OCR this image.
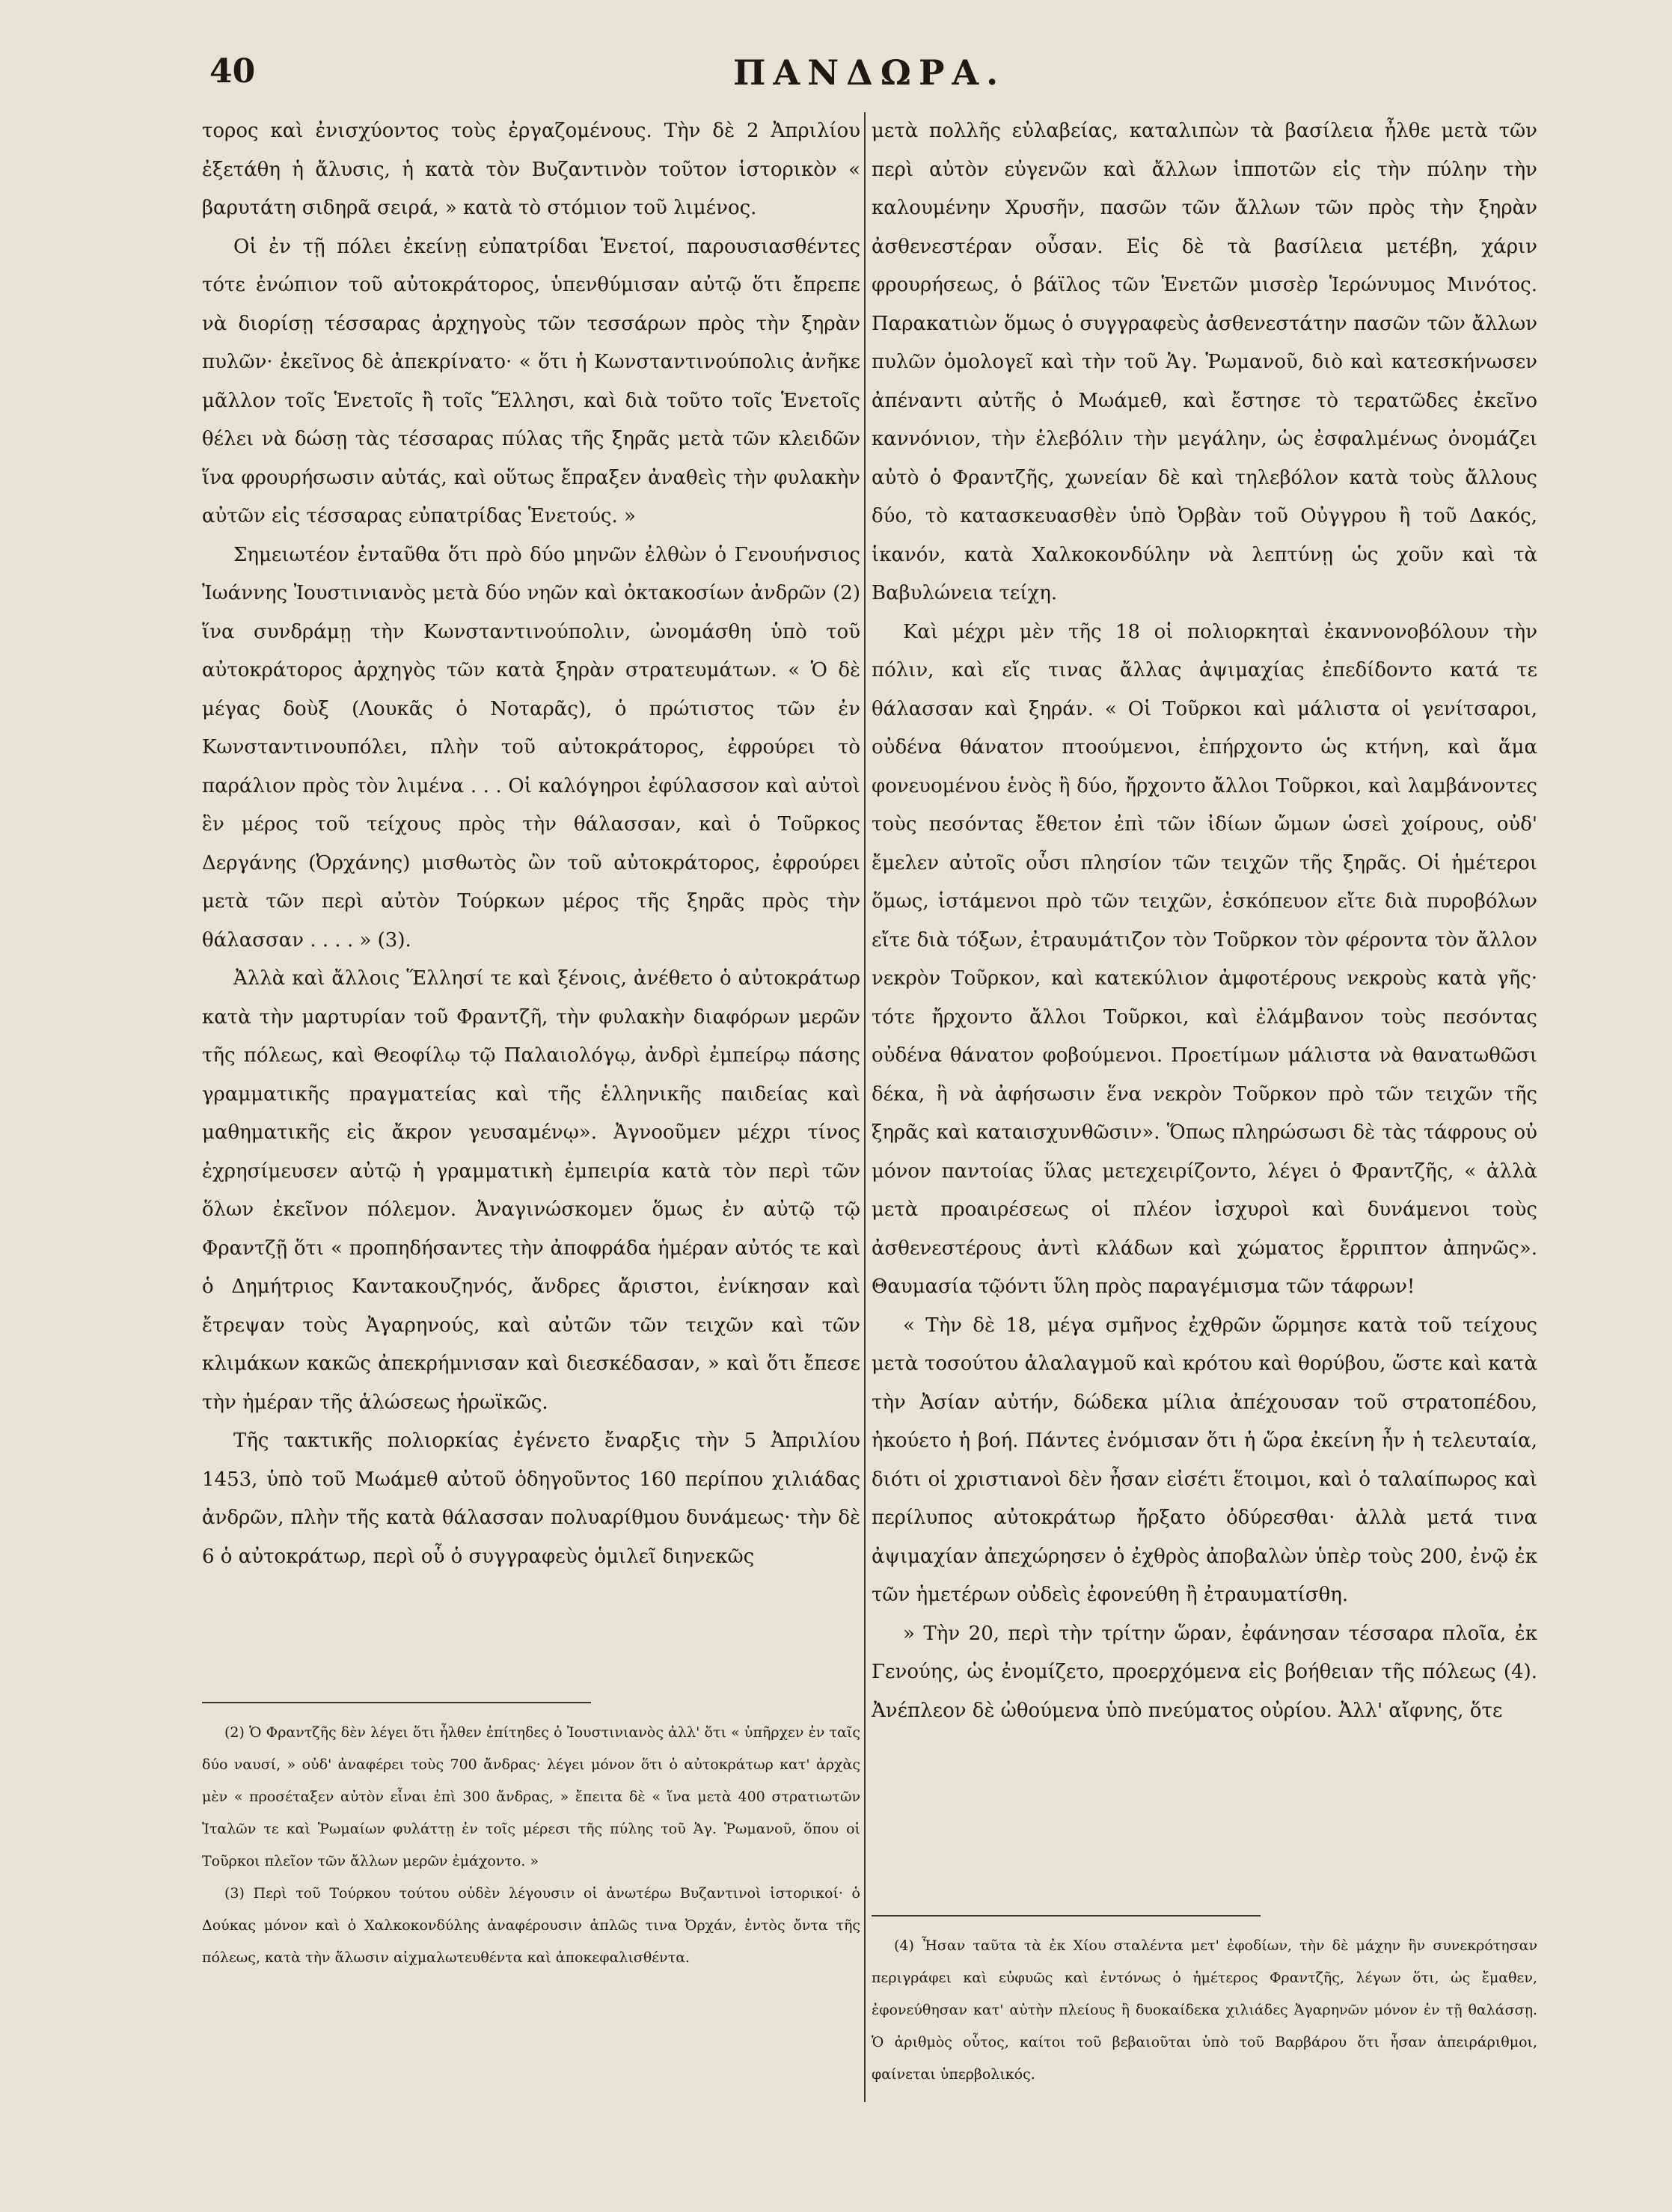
40	ΠΑΝΔΩΡΑ.

τορος καὶ ἐνισχύοντος τοὺς ἐργαζομένους. Τὴν δὲ 2 Ἀπριλίου ἐξετάθη ἡ ἄλυσις, ἡ κατὰ τὸν Βυζαντινὸν τοῦτον ἱστορικὸν « βαρυτάτη σιδηρᾶ σειρά, » κατὰ τὸ στόμιον τοῦ λιμένος.

Οἱ ἐν τῇ πόλει ἐκείνῃ εὐπατρίδαι Ἑνετοί, παρουσιασθέντες τότε ἐνώπιον τοῦ αὐτοκράτορος, ὑπενθύμισαν αὐτῷ ὅτι ἔπρεπε νὰ διορίσῃ τέσσαρας ἀρχηγοὺς τῶν τεσσάρων πρὸς τὴν ξηρὰν πυλῶν· ἐκεῖνος δὲ ἀπεκρίνατο· « ὅτι ἡ Κωνσταντινούπολις ἀνῆκε μᾶλλον τοῖς Ἑνετοῖς ἢ τοῖς Ἕλλησι, καὶ διὰ τοῦτο τοῖς Ἑνετοῖς θέλει νὰ δώσῃ τὰς τέσσαρας πύλας τῆς ξηρᾶς μετὰ τῶν κλειδῶν ἵνα φρουρήσωσιν αὐτάς, καὶ οὕτως ἔπραξεν ἀναθεὶς τὴν φυλακὴν αὐτῶν εἰς τέσσαρας εὐπατρίδας Ἑνετούς. »

Σημειωτέον ἐνταῦθα ὅτι πρὸ δύο μηνῶν ἐλθὼν ὁ Γενουήνσιος Ἰωάννης Ἰουστινιανὸς μετὰ δύο νηῶν καὶ ὀκτακοσίων ἀνδρῶν (2) ἵνα συνδράμῃ τὴν Κωνσταντινούπολιν, ὠνομάσθη ὑπὸ τοῦ αὐτοκράτορος ἀρχηγὸς τῶν κατὰ ξηρὰν στρατευμάτων. « Ὁ δὲ μέγας δοὺξ (Λουκᾶς ὁ Νοταρᾶς), ὁ πρώτιστος τῶν ἐν Κωνσταντινουπόλει, πλὴν τοῦ αὐτοκράτορος, ἐφρούρει τὸ παράλιον πρὸς τὸν λιμένα . . . Οἱ καλόγηροι ἐφύλασσον καὶ αὐτοὶ ἓν μέρος τοῦ τείχους πρὸς τὴν θάλασσαν, καὶ ὁ Τοῦρκος Δεργάνης (Ὀρχάνης) μισθωτὸς ὢν τοῦ αὐτοκράτορος, ἐφρούρει μετὰ τῶν περὶ αὐτὸν Τούρκων μέρος τῆς ξηρᾶς πρὸς τὴν θάλασσαν . . . . » (3).

Ἀλλὰ καὶ ἄλλοις Ἕλλησί τε καὶ ξένοις, ἀνέθετο ὁ αὐτοκράτωρ κατὰ τὴν μαρτυρίαν τοῦ Φραντζῆ, τὴν φυλακὴν διαφόρων μερῶν τῆς πόλεως, καὶ Θεοφίλῳ τῷ Παλαιολόγῳ, ἀνδρὶ ἐμπείρῳ πάσης γραμματικῆς πραγματείας καὶ τῆς ἑλληνικῆς παιδείας καὶ μαθηματικῆς εἰς ἄκρον γευσαμένῳ». Ἀγνοοῦμεν μέχρι τίνος ἐχρησίμευσεν αὐτῷ ἡ γραμματικὴ ἐμπειρία κατὰ τὸν περὶ τῶν ὅλων ἐκεῖνον πόλεμον. Ἀναγινώσκομεν ὅμως ἐν αὐτῷ τῷ Φραντζῇ ὅτι « προπηδήσαντες τὴν ἀποφράδα ἡμέραν αὐτός τε καὶ ὁ Δημήτριος Καντακουζηνός, ἄνδρες ἄριστοι, ἐνίκησαν καὶ ἔτρεψαν τοὺς Ἀγαρηνούς, καὶ αὐτῶν τῶν τειχῶν καὶ τῶν κλιμάκων κακῶς ἀπεκρήμνισαν καὶ διεσκέδασαν, » καὶ ὅτι ἔπεσε τὴν ἡμέραν τῆς ἁλώσεως ἡρωϊκῶς.

Τῆς τακτικῆς πολιορκίας ἐγένετο ἔναρξις τὴν 5 Ἀπριλίου 1453, ὑπὸ τοῦ Μωάμεθ αὐτοῦ ὁδηγοῦντος 160 περίπου χιλιάδας ἀνδρῶν, πλὴν τῆς κατὰ θάλασσαν πολυαρίθμου δυνάμεως· τὴν δὲ 6 ὁ αὐτοκράτωρ, περὶ οὗ ὁ συγγραφεὺς ὁμιλεῖ διηνεκῶς

(2) Ὁ Φραντζῆς δὲν λέγει ὅτι ἦλθεν ἐπίτηδες ὁ Ἰουστινιανὸς ἀλλ' ὅτι « ὑπῆρχεν ἐν ταῖς δύο ναυσί, » οὐδ' ἀναφέρει τοὺς 700 ἄνδρας· λέγει μόνον ὅτι ὁ αὐτοκράτωρ κατ' ἀρχὰς μὲν « προσέταξεν αὐτὸν εἶναι ἐπὶ 300 ἄνδρας, » ἔπειτα δὲ « ἵνα μετὰ 400 στρατιωτῶν Ἰταλῶν τε καὶ Ῥωμαίων φυλάττῃ ἐν τοῖς μέρεσι τῆς πύλης τοῦ Ἁγ. Ῥωμανοῦ, ὅπου οἱ Τοῦρκοι πλεῖον τῶν ἄλλων μερῶν ἐμάχοντο. »

(3) Περὶ τοῦ Τούρκου τούτου οὐδὲν λέγουσιν οἱ ἀνωτέρω Βυζαντινοὶ ἱστορικοί· ὁ Δούκας μόνον καὶ ὁ Χαλκοκονδύλης ἀναφέρουσιν ἁπλῶς τινα Ὀρχάν, ἐντὸς ὄντα τῆς πόλεως, κατὰ τὴν ἅλωσιν αἰχμαλωτευθέντα καὶ ἀποκεφαλισθέντα.

μετὰ πολλῆς εὐλαβείας, καταλιπὼν τὰ βασίλεια ἦλθε μετὰ τῶν περὶ αὐτὸν εὐγενῶν καὶ ἄλλων ἱπποτῶν εἰς τὴν πύλην τὴν καλουμένην Χρυσῆν, πασῶν τῶν ἄλλων τῶν πρὸς τὴν ξηρὰν ἀσθενεστέραν οὖσαν. Εἰς δὲ τὰ βασίλεια μετέβη, χάριν φρουρήσεως, ὁ βάϊλος τῶν Ἑνετῶν μισσὲρ Ἱερώνυμος Μινότος. Παρακατιὼν ὅμως ὁ συγγραφεὺς ἀσθενεστάτην πασῶν τῶν ἄλλων πυλῶν ὁμολογεῖ καὶ τὴν τοῦ Ἁγ. Ῥωμανοῦ, διὸ καὶ κατεσκήνωσεν ἀπέναντι αὐτῆς ὁ Μωάμεθ, καὶ ἔστησε τὸ τερατῶδες ἐκεῖνο καννόνιον, τὴν ἑλεβόλιν τὴν μεγάλην, ὡς ἐσφαλμένως ὀνομάζει αὐτὸ ὁ Φραντζῆς, χωνείαν δὲ καὶ τηλεβόλον κατὰ τοὺς ἄλλους δύο, τὸ κατασκευασθὲν ὑπὸ Ὀρβὰν τοῦ Οὐγγρου ἢ τοῦ Δακός, ἱκανόν, κατὰ Χαλκοκονδύλην νὰ λεπτύνῃ ὡς χοῦν καὶ τὰ Βαβυλώνεια τείχη.

Καὶ μέχρι μὲν τῆς 18 οἱ πολιορκηταὶ ἐκαννονοβόλουν τὴν πόλιν, καὶ εἴς τινας ἄλλας ἀψιμαχίας ἐπεδίδοντο κατά τε θάλασσαν καὶ ξηράν. « Οἱ Τοῦρκοι καὶ μάλιστα οἱ γενίτσαροι, οὐδένα θάνατον πτοούμενοι, ἐπήρχοντο ὡς κτήνη, καὶ ἅμα φονευομένου ἑνὸς ἢ δύο, ἤρχοντο ἄλλοι Τοῦρκοι, καὶ λαμβάνοντες τοὺς πεσόντας ἔθετον ἐπὶ τῶν ἰδίων ὤμων ὡσεὶ χοίρους, οὐδ' ἔμελεν αὐτοῖς οὖσι πλησίον τῶν τειχῶν τῆς ξηρᾶς. Οἱ ἡμέτεροι ὅμως, ἱστάμενοι πρὸ τῶν τειχῶν, ἐσκόπευον εἴτε διὰ πυροβόλων εἴτε διὰ τόξων, ἐτραυμάτιζον τὸν Τοῦρκον τὸν φέροντα τὸν ἄλλον νεκρὸν Τοῦρκον, καὶ κατεκύλιον ἀμφοτέρους νεκροὺς κατὰ γῆς· τότε ἤρχοντο ἄλλοι Τοῦρκοι, καὶ ἐλάμβανον τοὺς πεσόντας οὐδένα θάνατον φοβούμενοι. Προετίμων μάλιστα νὰ θανατωθῶσι δέκα, ἢ νὰ ἀφήσωσιν ἕνα νεκρὸν Τοῦρκον πρὸ τῶν τειχῶν τῆς ξηρᾶς καὶ καταισχυνθῶσιν». Ὅπως πληρώσωσι δὲ τὰς τάφρους οὐ μόνον παντοίας ὕλας μετεχειρίζοντο, λέγει ὁ Φραντζῆς, « ἀλλὰ μετὰ προαιρέσεως οἱ πλέον ἰσχυροὶ καὶ δυνάμενοι τοὺς ἀσθενεστέρους ἀντὶ κλάδων καὶ χώματος ἔρριπτον ἀπηνῶς». Θαυμασία τῷόντι ὕλη πρὸς παραγέμισμα τῶν τάφρων!

« Τὴν δὲ 18, μέγα σμῆνος ἐχθρῶν ὥρμησε κατὰ τοῦ τείχους μετὰ τοσούτου ἀλαλαγμοῦ καὶ κρότου καὶ θορύβου, ὥστε καὶ κατὰ τὴν Ἀσίαν αὐτήν, δώδεκα μίλια ἀπέχουσαν τοῦ στρατοπέδου, ἠκούετο ἡ βοή. Πάντες ἐνόμισαν ὅτι ἡ ὥρα ἐκείνη ἦν ἡ τελευταία, διότι οἱ χριστιανοὶ δὲν ἦσαν εἰσέτι ἕτοιμοι, καὶ ὁ ταλαίπωρος καὶ περίλυπος αὐτοκράτωρ ἤρξατο ὀδύρεσθαι· ἀλλὰ μετά τινα ἀψιμαχίαν ἀπεχώρησεν ὁ ἐχθρὸς ἀποβαλὼν ὑπὲρ τοὺς 200, ἐνῷ ἐκ τῶν ἡμετέρων οὐδεὶς ἐφονεύθη ἢ ἐτραυματίσθη.

» Τὴν 20, περὶ τὴν τρίτην ὥραν, ἐφάνησαν τέσσαρα πλοῖα, ἐκ Γενούης, ὡς ἐνομίζετο, προερχόμενα εἰς βοήθειαν τῆς πόλεως (4). Ἀνέπλεον δὲ ὠθούμενα ὑπὸ πνεύματος οὐρίου. Ἀλλ' αἴφνης, ὅτε

(4) Ἦσαν ταῦτα τὰ ἐκ Χίου σταλέντα μετ' ἐφοδίων, τὴν δὲ μάχην ἣν συνεκρότησαν περιγράφει καὶ εὐφυῶς καὶ ἐντόνως ὁ ἡμέτερος Φραντζῆς, λέγων ὅτι, ὡς ἔμαθεν, ἐφονεύθησαν κατ' αὐτὴν πλείους ἢ δυοκαίδεκα χιλιάδες Ἀγαρηνῶν μόνον ἐν τῇ θαλάσσῃ. Ὁ ἀριθμὸς οὗτος, καίτοι τοῦ βεβαιοῦται ὑπὸ τοῦ Βαρβάρου ὅτι ἦσαν ἀπειράριθμοι, φαίνεται ὑπερβολικός.
